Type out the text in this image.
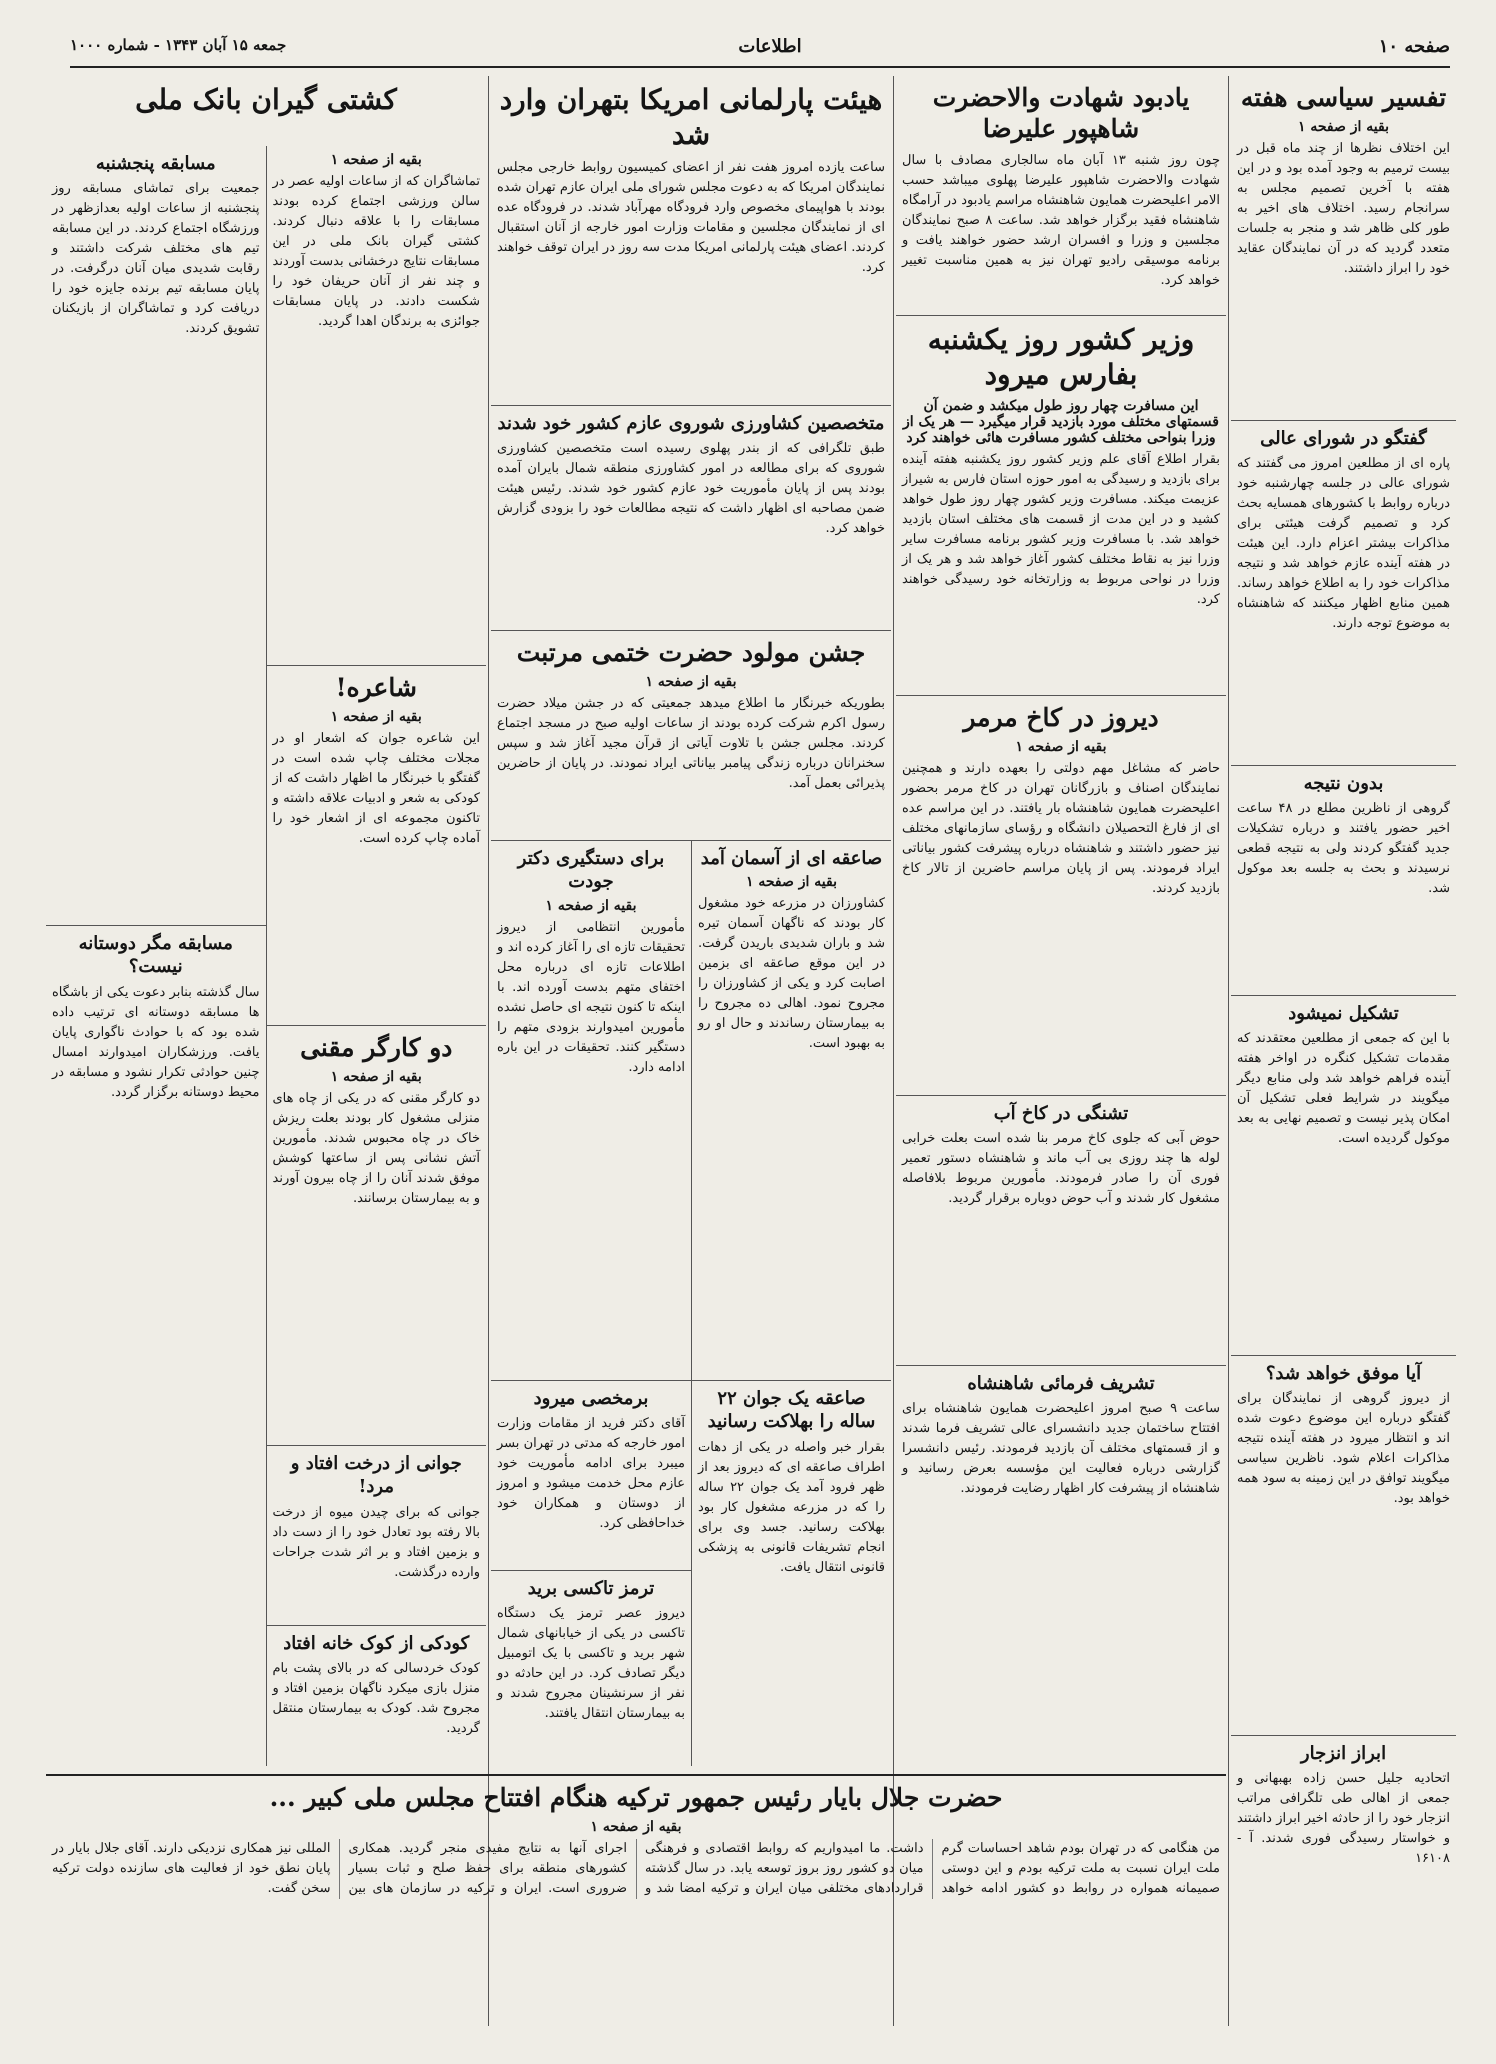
صفحه ۱۰
اطلاعات
جمعه ۱۵ آبان ۱۳۴۳ - شماره ۱۰۰۰
تفسیر سیاسی هفته
بقیه از صفحه ۱

این اختلاف نظرها از چند ماه قبل در بیست ترمیم به وجود آمده بود و در این هفته با آخرین تصمیم مجلس به سرانجام رسید. اختلاف های اخیر به طور کلی ظاهر شد و منجر به جلسات متعدد گردید که در آن نمایندگان عقاید خود را ابراز داشتند.

گفتگو در شورای عالی

پاره ای از مطلعین امروز می گفتند که شورای عالی در جلسه چهارشنبه خود درباره روابط با کشورهای همسایه بحث کرد و تصمیم گرفت هیئتی برای مذاکرات بیشتر اعزام دارد. این هیئت در هفته آینده عازم خواهد شد و نتیجه مذاکرات خود را به اطلاع خواهد رساند. همین منابع اظهار میکنند که شاهنشاه به موضوع توجه دارند.

بدون نتیجه

گروهی از ناظرین مطلع در ۴۸ ساعت اخیر حضور یافتند و درباره تشکیلات جدید گفتگو کردند ولی به نتیجه قطعی نرسیدند و بحث به جلسه بعد موکول شد.

تشکیل نمیشود

با این که جمعی از مطلعین معتقدند که مقدمات تشکیل کنگره در اواخر هفته آینده فراهم خواهد شد ولی منابع دیگر میگویند در شرایط فعلی تشکیل آن امکان پذیر نیست و تصمیم نهایی به بعد موکول گردیده است.

آیا موفق خواهد شد؟

از دیروز گروهی از نمایندگان برای گفتگو درباره این موضوع دعوت شده اند و انتظار میرود در هفته آینده نتیجه مذاکرات اعلام شود. ناظرین سیاسی میگویند توافق در این زمینه به سود همه خواهد بود.

ابراز انزجار

اتحادیه جلیل حسن زاده بهبهانی و جمعی از اهالی طی تلگرافی مراتب انزجار خود را از حادثه اخیر ابراز داشتند و خواستار رسیدگی فوری شدند. آ - ۱۶۱۰۸

یادبود شهادت والاحضرت شاهپور علیرضا

چون روز شنبه ۱۳ آبان ماه سالجاری مصادف با سال شهادت والاحضرت شاهپور علیرضا پهلوی میباشد حسب الامر اعلیحضرت همایون شاهنشاه مراسم یادبود در آرامگاه شاهنشاه فقید برگزار خواهد شد. ساعت ۸ صبح نمایندگان مجلسین و وزرا و افسران ارشد حضور خواهند یافت و برنامه موسیقی رادیو تهران نیز به همین مناسبت تغییر خواهد کرد.

وزیر کشور روز یکشنبه بفارس میرود
این مسافرت چهار روز طول میکشد و ضمن آن قسمتهای مختلف مورد بازدید قرار میگیرد — هر یک از وزرا بنواحی مختلف کشور مسافرت هائی خواهند کرد

بقرار اطلاع آقای علم وزیر کشور روز یکشنبه هفته آینده برای بازدید و رسیدگی به امور حوزه استان فارس به شیراز عزیمت میکند. مسافرت وزیر کشور چهار روز طول خواهد کشید و در این مدت از قسمت های مختلف استان بازدید خواهد شد. با مسافرت وزیر کشور برنامه مسافرت سایر وزرا نیز به نقاط مختلف کشور آغاز خواهد شد و هر یک از وزرا در نواحی مربوط به وزارتخانه خود رسیدگی خواهند کرد.

دیروز در کاخ مرمر
بقیه از صفحه ۱

حاضر که مشاغل مهم دولتی را بعهده دارند و همچنین نمایندگان اصناف و بازرگانان تهران در کاخ مرمر بحضور اعلیحضرت همایون شاهنشاه بار یافتند. در این مراسم عده ای از فارغ التحصیلان دانشگاه و رؤسای سازمانهای مختلف نیز حضور داشتند و شاهنشاه درباره پیشرفت کشور بیاناتی ایراد فرمودند. پس از پایان مراسم حاضرین از تالار کاخ بازدید کردند.

تشنگی در کاخ آب

حوض آبی که جلوی کاخ مرمر بنا شده است بعلت خرابی لوله ها چند روزی بی آب ماند و شاهنشاه دستور تعمیر فوری آن را صادر فرمودند. مأمورین مربوط بلافاصله مشغول کار شدند و آب حوض دوباره برقرار گردید.

تشریف فرمائی شاهنشاه

ساعت ۹ صبح امروز اعلیحضرت همایون شاهنشاه برای افتتاح ساختمان جدید دانشسرای عالی تشریف فرما شدند و از قسمتهای مختلف آن بازدید فرمودند. رئیس دانشسرا گزارشی درباره فعالیت این مؤسسه بعرض رسانید و شاهنشاه از پیشرفت کار اظهار رضایت فرمودند.

هیئت پارلمانی امریکا بتهران وارد شد

ساعت یازده امروز هفت نفر از اعضای کمیسیون روابط خارجی مجلس نمایندگان امریکا که به دعوت مجلس شورای ملی ایران عازم تهران شده بودند با هواپیمای مخصوص وارد فرودگاه مهرآباد شدند. در فرودگاه عده ای از نمایندگان مجلسین و مقامات وزارت امور خارجه از آنان استقبال کردند. اعضای هیئت پارلمانی امریکا مدت سه روز در ایران توقف خواهند کرد.

متخصصین کشاورزی شوروی عازم کشور خود شدند

طبق تلگرافی که از بندر پهلوی رسیده است متخصصین کشاورزی شوروی که برای مطالعه در امور کشاورزی منطقه شمال بایران آمده بودند پس از پایان مأموریت خود عازم کشور خود شدند. رئیس هیئت ضمن مصاحبه ای اظهار داشت که نتیجه مطالعات خود را بزودی گزارش خواهد کرد.

جشن مولود حضرت ختمی مرتبت
بقیه از صفحه ۱

بطوریکه خبرنگار ما اطلاع میدهد جمعیتی که در جشن میلاد حضرت رسول اکرم شرکت کرده بودند از ساعات اولیه صبح در مسجد اجتماع کردند. مجلس جشن با تلاوت آیاتی از قرآن مجید آغاز شد و سپس سخنرانان درباره زندگی پیامبر بیاناتی ایراد نمودند. در پایان از حاضرین پذیرائی بعمل آمد.

صاعقه ای از آسمان آمد
بقیه از صفحه ۱

کشاورزان در مزرعه خود مشغول کار بودند که ناگهان آسمان تیره شد و باران شدیدی باریدن گرفت. در این موقع صاعقه ای بزمین اصابت کرد و یکی از کشاورزان را مجروح نمود. اهالی ده مجروح را به بیمارستان رساندند و حال او رو به بهبود است.

برای دستگیری دکتر جودت
بقیه از صفحه ۱

مأمورین انتظامی از دیروز تحقیقات تازه ای را آغاز کرده اند و اطلاعات تازه ای درباره محل اختفای متهم بدست آورده اند. با اینکه تا کنون نتیجه ای حاصل نشده مأمورین امیدوارند بزودی متهم را دستگیر کنند. تحقیقات در این باره ادامه دارد.

صاعقه یک جوان ۲۲ ساله را بهلاکت رسانید

بقرار خبر واصله در یکی از دهات اطراف صاعقه ای که دیروز بعد از ظهر فرود آمد یک جوان ۲۲ ساله را که در مزرعه مشغول کار بود بهلاکت رسانید. جسد وی برای انجام تشریفات قانونی به پزشکی قانونی انتقال یافت.

برمخصی میرود

آقای دکتر فرید از مقامات وزارت امور خارجه که مدتی در تهران بسر میبرد برای ادامه مأموریت خود عازم محل خدمت میشود و امروز از دوستان و همکاران خود خداحافظی کرد.

ترمز تاکسی برید

دیروز عصر ترمز یک دستگاه تاکسی در یکی از خیابانهای شمال شهر برید و تاکسی با یک اتومبیل دیگر تصادف کرد. در این حادثه دو نفر از سرنشینان مجروح شدند و به بیمارستان انتقال یافتند.

کشتی گیران بانک ملی
بقیه از صفحه ۱

تماشاگران که از ساعات اولیه عصر در سالن ورزشی اجتماع کرده بودند مسابقات را با علاقه دنبال کردند. کشتی گیران بانک ملی در این مسابقات نتایج درخشانی بدست آوردند و چند نفر از آنان حریفان خود را شکست دادند. در پایان مسابقات جوائزی به برندگان اهدا گردید.

شاعره!
بقیه از صفحه ۱

این شاعره جوان که اشعار او در مجلات مختلف چاپ شده است در گفتگو با خبرنگار ما اظهار داشت که از کودکی به شعر و ادبیات علاقه داشته و تاکنون مجموعه ای از اشعار خود را آماده چاپ کرده است.

دو کارگر مقنی
بقیه از صفحه ۱

دو کارگر مقنی که در یکی از چاه های منزلی مشغول کار بودند بعلت ریزش خاک در چاه محبوس شدند. مأمورین آتش نشانی پس از ساعتها کوشش موفق شدند آنان را از چاه بیرون آورند و به بیمارستان برسانند.

جوانی از درخت افتاد و مرد!

جوانی که برای چیدن میوه از درخت بالا رفته بود تعادل خود را از دست داد و بزمین افتاد و بر اثر شدت جراحات وارده درگذشت.

کودکی از کوک خانه افتاد

کودک خردسالی که در بالای پشت بام منزل بازی میکرد ناگهان بزمین افتاد و مجروح شد. کودک به بیمارستان منتقل گردید.

مسابقه پنجشنبه

جمعیت برای تماشای مسابقه روز پنجشنبه از ساعات اولیه بعدازظهر در ورزشگاه اجتماع کردند. در این مسابقه تیم های مختلف شرکت داشتند و رقابت شدیدی میان آنان درگرفت. در پایان مسابقه تیم برنده جایزه خود را دریافت کرد و تماشاگران از بازیکنان تشویق کردند.

مسابقه مگر دوستانه نیست؟

سال گذشته بنابر دعوت یکی از باشگاه ها مسابقه دوستانه ای ترتیب داده شده بود که با حوادث ناگواری پایان یافت. ورزشکاران امیدوارند امسال چنین حوادثی تکرار نشود و مسابقه در محیط دوستانه برگزار گردد.

حضرت جلال بایار رئیس جمهور ترکیه هنگام افتتاح مجلس ملی کبیر ...
بقیه از صفحه ۱

من هنگامی که در تهران بودم شاهد احساسات گرم ملت ایران نسبت به ملت ترکیه بودم و این دوستی صمیمانه همواره در روابط دو کشور ادامه خواهد داشت. ما امیدواریم که روابط اقتصادی و فرهنگی میان دو کشور روز بروز توسعه یابد. در سال گذشته قراردادهای مختلفی میان ایران و ترکیه امضا شد و اجرای آنها به نتایج مفیدی منجر گردید. همکاری کشورهای منطقه برای حفظ صلح و ثبات بسیار ضروری است. ایران و ترکیه در سازمان های بین المللی نیز همکاری نزدیکی دارند. آقای جلال بایار در پایان نطق خود از فعالیت های سازنده دولت ترکیه سخن گفت.
